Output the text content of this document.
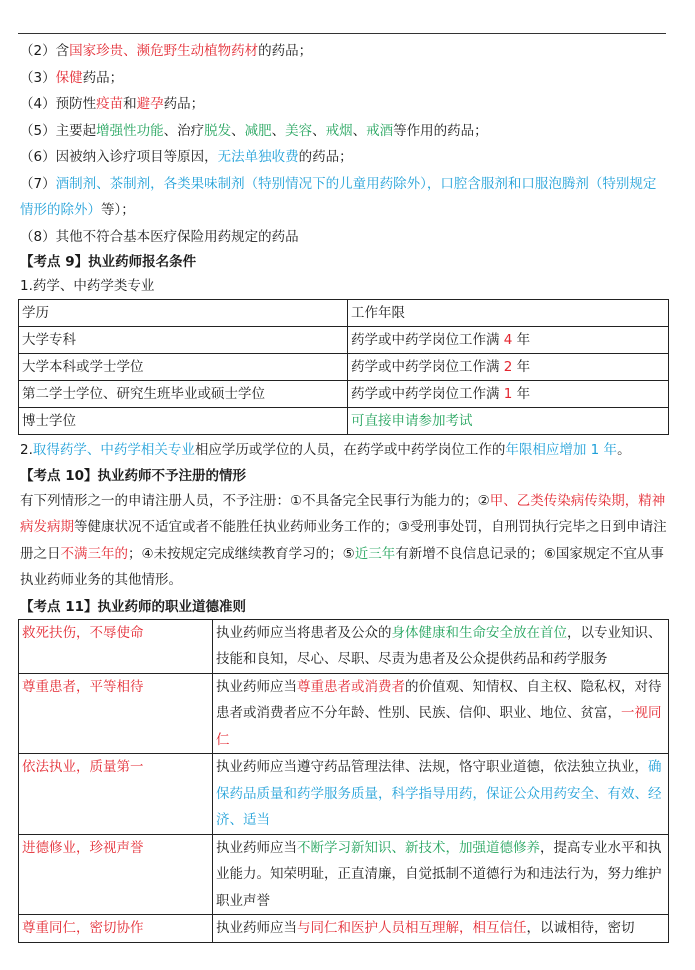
（2）含国家珍贵、濒危野生动植物药材的药品；

（3）保健药品；

（4）预防性疫苗和避孕药品；

（5）主要起增强性功能、治疗脱发、减肥、美容、戒烟、戒酒等作用的药品；

（6）因被纳入诊疗项目等原因，无法单独收费的药品；

（7）酒制剂、茶制剂，各类果味制剂（特别情况下的儿童用药除外），口腔含服剂和口服泡腾剂（特别规定情形的除外）等）；

（8）其他不符合基本医疗保险用药规定的药品

【考点 9】执业药师报名条件

1.药学、中药学类专业

学历	工作年限
大学专科	药学或中药学岗位工作满 4 年
大学本科或学士学位	药学或中药学岗位工作满 2 年
第二学士学位、研究生班毕业或硕士学位	药学或中药学岗位工作满 1 年
博士学位	可直接申请参加考试

2.取得药学、中药学相关专业相应学历或学位的人员，在药学或中药学岗位工作的年限相应增加 1 年。

【考点 10】执业药师不予注册的情形

有下列情形之一的申请注册人员，不予注册：①不具备完全民事行为能力的；②甲、乙类传染病传染期，精神病发病期等健康状况不适宜或者不能胜任执业药师业务工作的；③受刑事处罚，自刑罚执行完毕之日到申请注册之日不满三年的；④未按规定完成继续教育学习的；⑤近三年有新增不良信息记录的；⑥国家规定不宜从事执业药师业务的其他情形。

【考点 11】执业药师的职业道德准则

救死扶伤，不辱使命	执业药师应当将患者及公众的身体健康和生命安全放在首位，以专业知识、技能和良知，尽心、尽职、尽责为患者及公众提供药品和药学服务
尊重患者，平等相待	执业药师应当尊重患者或消费者的价值观、知情权、自主权、隐私权，对待患者或消费者应不分年龄、性别、民族、信仰、职业、地位、贫富，一视同仁
依法执业，质量第一	执业药师应当遵守药品管理法律、法规，恪守职业道德，依法独立执业，确保药品质量和药学服务质量，科学指导用药，保证公众用药安全、有效、经济、适当
进德修业，珍视声誉	执业药师应当不断学习新知识、新技术，加强道德修养，提高专业水平和执业能力。知荣明耻，正直清廉，自觉抵制不道德行为和违法行为，努力维护职业声誉
尊重同仁，密切协作	执业药师应当与同仁和医护人员相互理解，相互信任，以诚相待，密切
